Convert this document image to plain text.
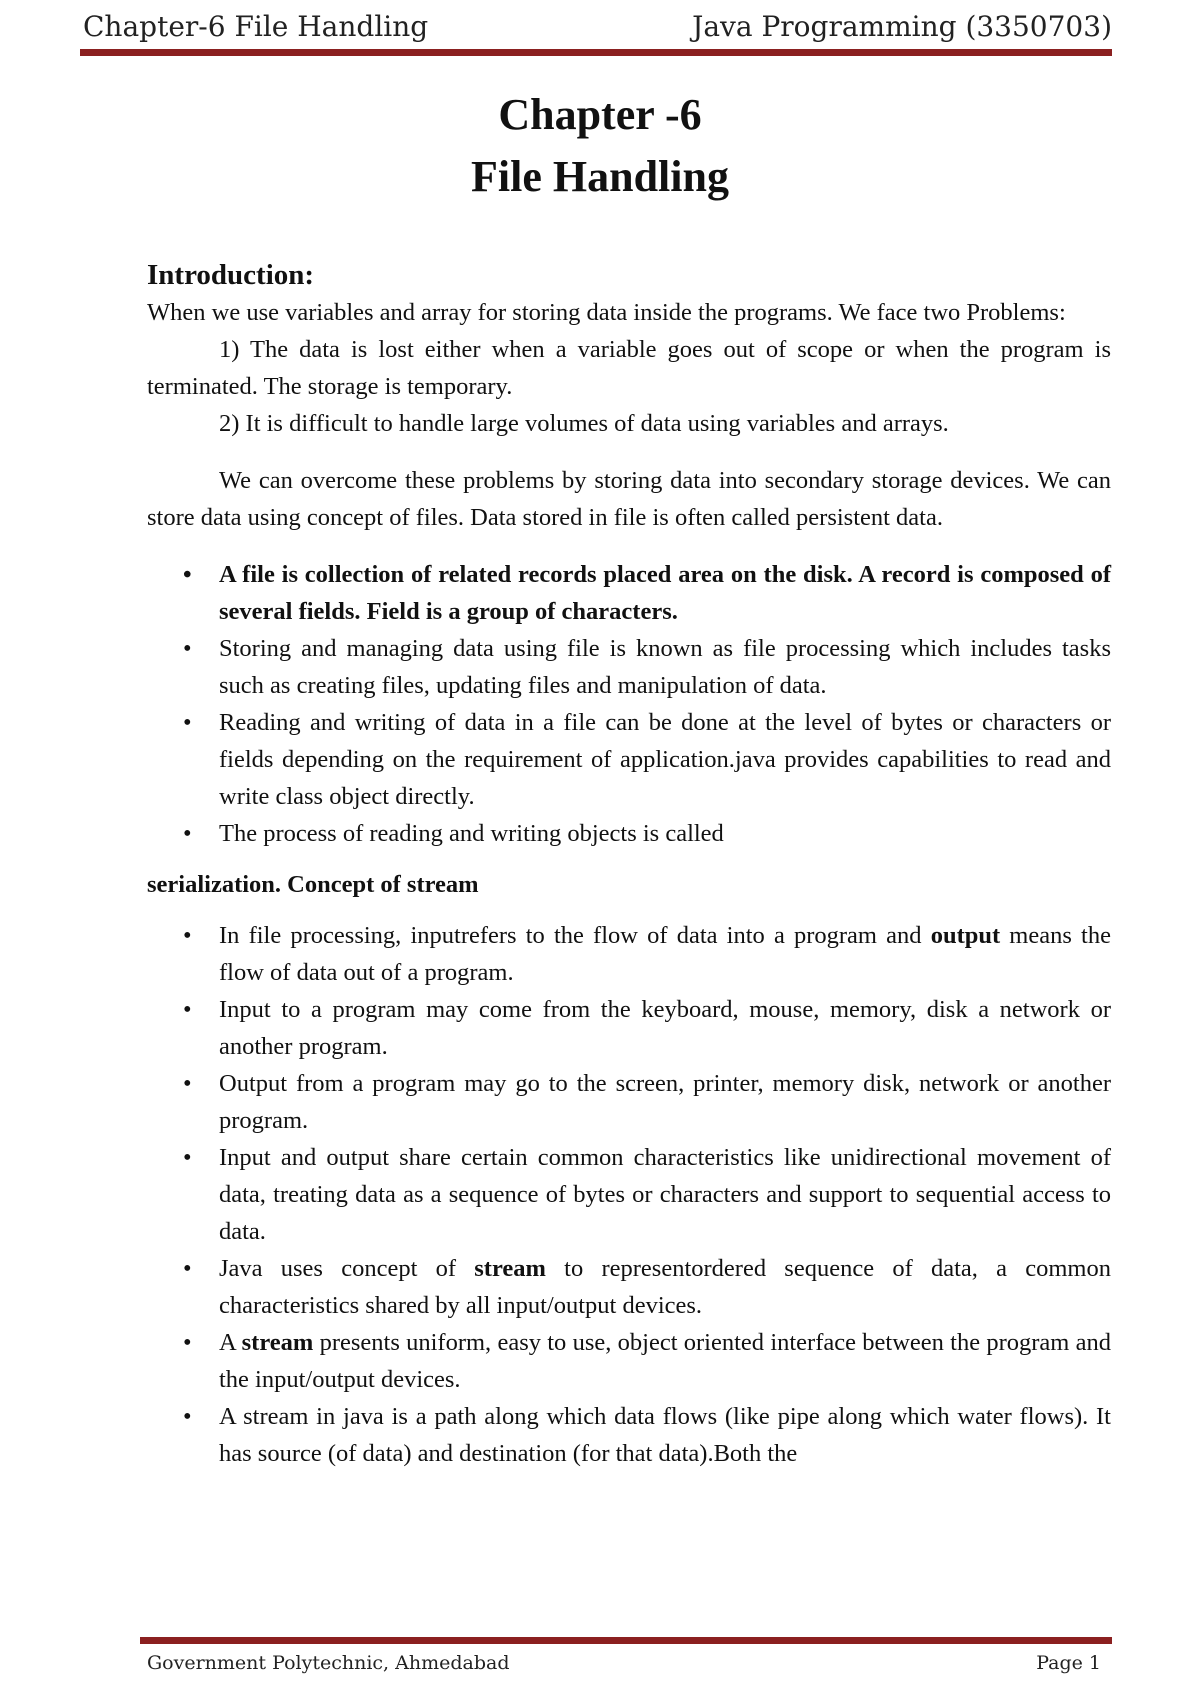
Chapter-6 File Handling	Java Programming (3350703)
Chapter -6
File Handling
Introduction:

When we use variables and array for storing data inside the programs. We face two Problems:

1) The data is lost either when a variable goes out of scope or when the program is terminated. The storage is temporary.

2) It is difficult to handle large volumes of data using variables and arrays.

We can overcome these problems by storing data into secondary storage devices. We can store data using concept of files. Data stored in file is often called persistent data.

• A file is collection of related records placed area on the disk. A record is composed of several fields. Field is a group of characters.
• Storing and managing data using file is known as file processing which includes tasks such as creating files, updating files and manipulation of data.
• Reading and writing of data in a file can be done at the level of bytes or characters or fields depending on the requirement of application.java provides capabilities to read and write class object directly.
• The process of reading and writing objects is called

serialization. Concept of stream

• In file processing, inputrefers to the flow of data into a program and output means the flow of data out of a program.
• Input to a program may come from the keyboard, mouse, memory, disk a network or another program.
• Output from a program may go to the screen, printer, memory disk, network or another program.
• Input and output share certain common characteristics like unidirectional movement of data, treating data as a sequence of bytes or characters and support to sequential access to data.
• Java uses concept of stream to representordered sequence of data, a common characteristics shared by all input/output devices.
• A stream presents uniform, easy to use, object oriented interface between the program and the input/output devices.
• A stream in java is a path along which data flows (like pipe along which water flows). It has source (of data) and destination (for that data).Both the
Government Polytechnic, Ahmedabad	Page 1
